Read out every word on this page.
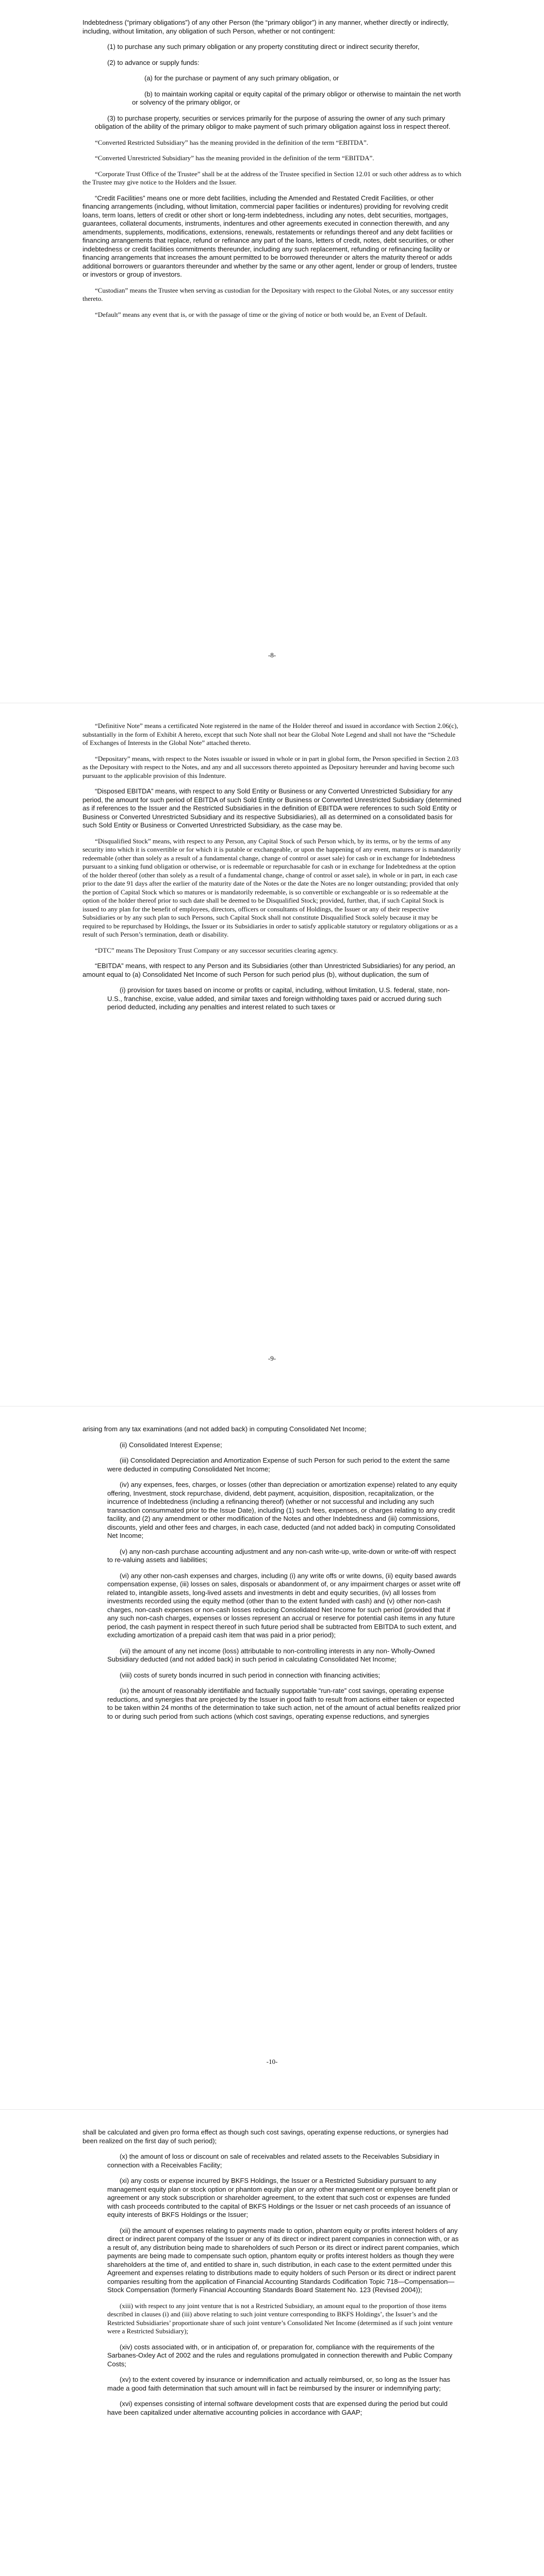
Indebtedness (“primary obligations”) of any other Person (the “primary obligor”) in any manner, whether directly or indirectly, including, without limitation, any obligation of such Person, whether or not contingent:

(1) to purchase any such primary obligation or any property constituting direct or indirect security therefor,

(2) to advance or supply funds:

(a) for the purchase or payment of any such primary obligation, or

(b) to maintain working capital or equity capital of the primary obligor or otherwise to maintain the net worth or solvency of the primary obligor, or

(3) to purchase property, securities or services primarily for the purpose of assuring the owner of any such primary obligation of the ability of the primary obligor to make payment of such primary obligation against loss in respect thereof.

“Converted Restricted Subsidiary” has the meaning provided in the definition of the term “EBITDA”.

“Converted Unrestricted Subsidiary” has the meaning provided in the definition of the term “EBITDA”.

“Corporate Trust Office of the Trustee” shall be at the address of the Trustee specified in Section 12.01 or such other address as to which the Trustee may give notice to the Holders and the Issuer.

“Credit Facilities” means one or more debt facilities, including the Amended and Restated Credit Facilities, or other financing arrangements (including, without limitation, commercial paper facilities or indentures) providing for revolving credit loans, term loans, letters of credit or other short or long-term indebtedness, including any notes, debt securities, mortgages, guarantees, collateral documents, instruments, indentures and other agreements executed in connection therewith, and any amendments, supplements, modifications, extensions, renewals, restatements or refundings thereof and any debt facilities or financing arrangements that replace, refund or refinance any part of the loans, letters of credit, notes, debt securities, or other indebtedness or credit facilities commitments thereunder, including any such replacement, refunding or refinancing facility or financing arrangements that increases the amount permitted to be borrowed thereunder or alters the maturity thereof or adds additional borrowers or guarantors thereunder and whether by the same or any other agent, lender or group of lenders, trustee or investors or group of investors.

“Custodian” means the Trustee when serving as custodian for the Depositary with respect to the Global Notes, or any successor entity thereto.

“Default” means any event that is, or with the passage of time or the giving of notice or both would be, an Event of Default.

-8-

“Definitive Note” means a certificated Note registered in the name of the Holder thereof and issued in accordance with Section 2.06(c), substantially in the form of Exhibit A hereto, except that such Note shall not bear the Global Note Legend and shall not have the “Schedule of Exchanges of Interests in the Global Note” attached thereto.

“Depositary” means, with respect to the Notes issuable or issued in whole or in part in global form, the Person specified in Section 2.03 as the Depositary with respect to the Notes, and any and all successors thereto appointed as Depositary hereunder and having become such pursuant to the applicable provision of this Indenture.

“Disposed EBITDA” means, with respect to any Sold Entity or Business or any Converted Unrestricted Subsidiary for any period, the amount for such period of EBITDA of such Sold Entity or Business or Converted Unrestricted Subsidiary (determined as if references to the Issuer and the Restricted Subsidiaries in the definition of EBITDA were references to such Sold Entity or Business or Converted Unrestricted Subsidiary and its respective Subsidiaries), all as determined on a consolidated basis for such Sold Entity or Business or Converted Unrestricted Subsidiary, as the case may be.

“Disqualified Stock” means, with respect to any Person, any Capital Stock of such Person which, by its terms, or by the terms of any security into which it is convertible or for which it is putable or exchangeable, or upon the happening of any event, matures or is mandatorily redeemable (other than solely as a result of a fundamental change, change of control or asset sale) for cash or in exchange for Indebtedness pursuant to a sinking fund obligation or otherwise, or is redeemable or repurchasable for cash or in exchange for Indebtedness at the option of the holder thereof (other than solely as a result of a fundamental change, change of control or asset sale), in whole or in part, in each case prior to the date 91 days after the earlier of the maturity date of the Notes or the date the Notes are no longer outstanding; provided that only the portion of Capital Stock which so matures or is mandatorily redeemable, is so convertible or exchangeable or is so redeemable at the option of the holder thereof prior to such date shall be deemed to be Disqualified Stock; provided, further, that, if such Capital Stock is issued to any plan for the benefit of employees, directors, officers or consultants of Holdings, the Issuer or any of their respective Subsidiaries or by any such plan to such Persons, such Capital Stock shall not constitute Disqualified Stock solely because it may be required to be repurchased by Holdings, the Issuer or its Subsidiaries in order to satisfy applicable statutory or regulatory obligations or as a result of such Person’s termination, death or disability.

“DTC” means The Depository Trust Company or any successor securities clearing agency.

“EBITDA” means, with respect to any Person and its Subsidiaries (other than Unrestricted Subsidiaries) for any period, an amount equal to (a) Consolidated Net Income of such Person for such period plus (b), without duplication, the sum of

(i) provision for taxes based on income or profits or capital, including, without limitation, U.S. federal, state, non-U.S., franchise, excise, value added, and similar taxes and foreign withholding taxes paid or accrued during such period deducted, including any penalties and interest related to such taxes or

-9-

arising from any tax examinations (and not added back) in computing Consolidated Net Income;

(ii) Consolidated Interest Expense;

(iii) Consolidated Depreciation and Amortization Expense of such Person for such period to the extent the same were deducted in computing Consolidated Net Income;

(iv) any expenses, fees, charges, or losses (other than depreciation or amortization expense) related to any equity offering, Investment, stock repurchase, dividend, debt payment, acquisition, disposition, recapitalization, or the incurrence of Indebtedness (including a refinancing thereof) (whether or not successful and including any such transaction consummated prior to the Issue Date), including (1) such fees, expenses, or charges relating to any credit facility, and (2) any amendment or other modification of the Notes and other Indebtedness and (iii) commissions, discounts, yield and other fees and charges, in each case, deducted (and not added back) in computing Consolidated Net Income;

(v) any non-cash purchase accounting adjustment and any non-cash write-up, write-down or write-off with respect to re-valuing assets and liabilities;

(vi) any other non-cash expenses and charges, including (i) any write offs or write downs, (ii) equity based awards compensation expense, (iii) losses on sales, disposals or abandonment of, or any impairment charges or asset write off related to, intangible assets, long-lived assets and investments in debt and equity securities, (iv) all losses from investments recorded using the equity method (other than to the extent funded with cash) and (v) other non-cash charges, non-cash expenses or non-cash losses reducing Consolidated Net Income for such period (provided that if any such non-cash charges, expenses or losses represent an accrual or reserve for potential cash items in any future period, the cash payment in respect thereof in such future period shall be subtracted from EBITDA to such extent, and excluding amortization of a prepaid cash item that was paid in a prior period);

(vii) the amount of any net income (loss) attributable to non-controlling interests in any non- Wholly-Owned Subsidiary deducted (and not added back) in such period in calculating Consolidated Net Income;

(viii) costs of surety bonds incurred in such period in connection with financing activities;

(ix) the amount of reasonably identifiable and factually supportable “run-rate” cost savings, operating expense reductions, and synergies that are projected by the Issuer in good faith to result from actions either taken or expected to be taken within 24 months of the determination to take such action, net of the amount of actual benefits realized prior to or during such period from such actions (which cost savings, operating expense reductions, and synergies

-10-

shall be calculated and given pro forma effect as though such cost savings, operating expense reductions, or synergies had been realized on the first day of such period);

(x) the amount of loss or discount on sale of receivables and related assets to the Receivables Subsidiary in connection with a Receivables Facility;

(xi) any costs or expense incurred by BKFS Holdings, the Issuer or a Restricted Subsidiary pursuant to any management equity plan or stock option or phantom equity plan or any other management or employee benefit plan or agreement or any stock subscription or shareholder agreement, to the extent that such cost or expenses are funded with cash proceeds contributed to the capital of BKFS Holdings or the Issuer or net cash proceeds of an issuance of equity interests of BKFS Holdings or the Issuer;

(xii) the amount of expenses relating to payments made to option, phantom equity or profits interest holders of any direct or indirect parent company of the Issuer or any of its direct or indirect parent companies in connection with, or as a result of, any distribution being made to shareholders of such Person or its direct or indirect parent companies, which payments are being made to compensate such option, phantom equity or profits interest holders as though they were shareholders at the time of, and entitled to share in, such distribution, in each case to the extent permitted under this Agreement and expenses relating to distributions made to equity holders of such Person or its direct or indirect parent companies resulting from the application of Financial Accounting Standards Codification Topic 718—Compensation—Stock Compensation (formerly Financial Accounting Standards Board Statement No. 123 (Revised 2004));

(xiii) with respect to any joint venture that is not a Restricted Subsidiary, an amount equal to the proportion of those items described in clauses (i) and (iii) above relating to such joint venture corresponding to BKFS Holdings’, the Issuer’s and the Restricted Subsidiaries’ proportionate share of such joint venture’s Consolidated Net Income (determined as if such joint venture were a Restricted Subsidiary);

(xiv) costs associated with, or in anticipation of, or preparation for, compliance with the requirements of the Sarbanes-Oxley Act of 2002 and the rules and regulations promulgated in connection therewith and Public Company Costs;

(xv) to the extent covered by insurance or indemnification and actually reimbursed, or, so long as the Issuer has made a good faith determination that such amount will in fact be reimbursed by the insurer or indemnifying party;

(xvi) expenses consisting of internal software development costs that are expensed during the period but could have been capitalized under alternative accounting policies in accordance with GAAP;
